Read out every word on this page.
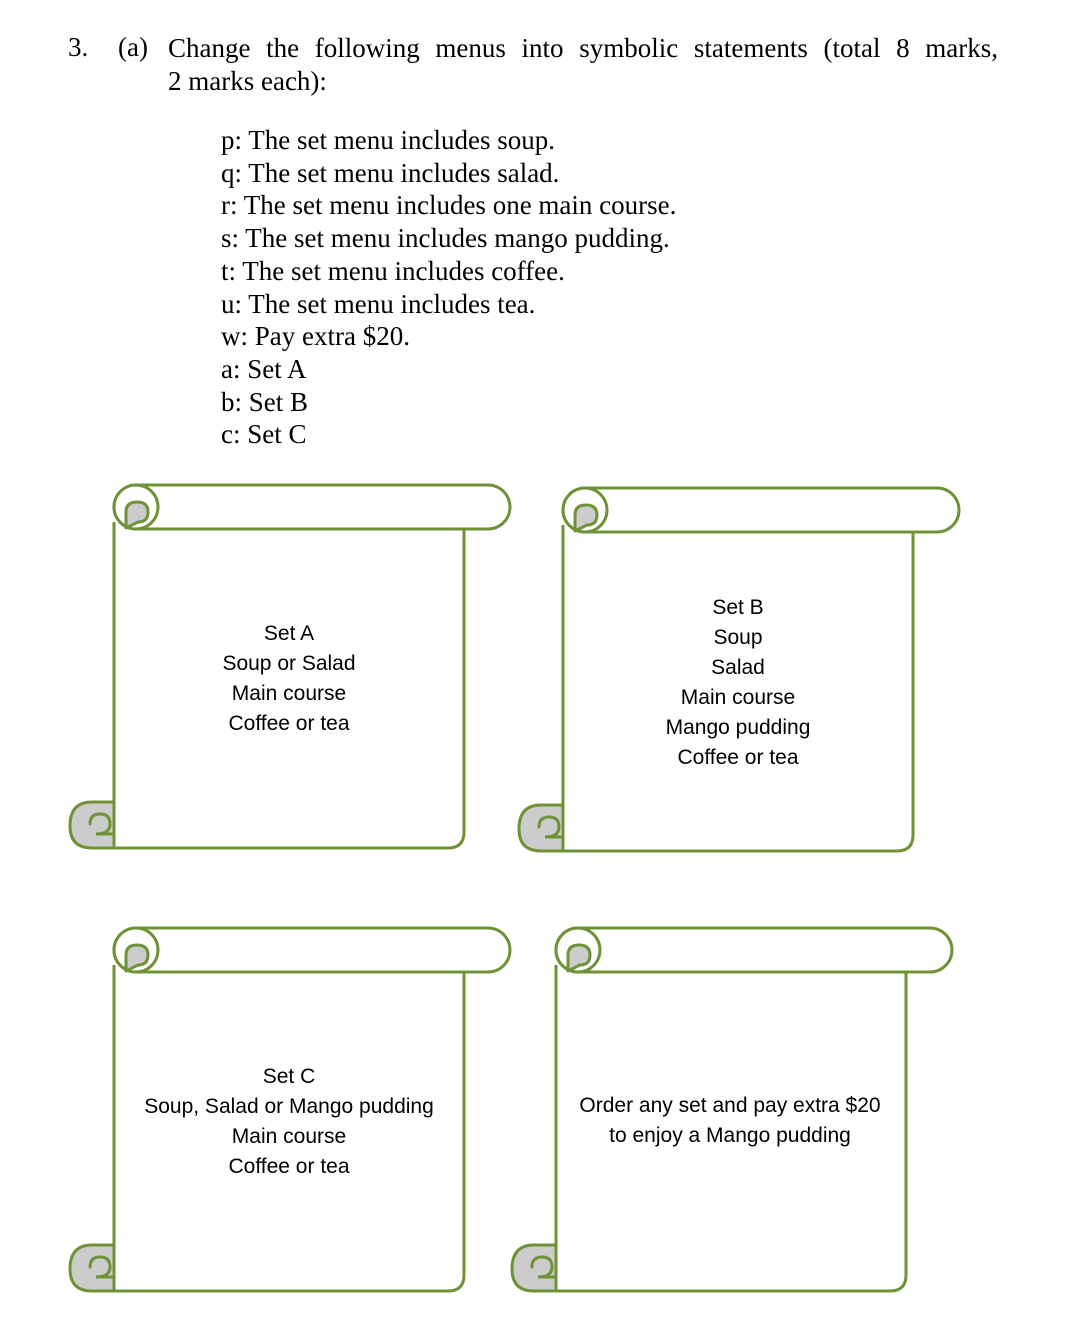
3. (a) Change the following menus into symbolic statements (total 8 marks,
2 marks each):
p: The set menu includes soup.
q: The set menu includes salad.
r: The set menu includes one main course.
s: The set menu includes mango pudding.
t: The set menu includes coffee.
u: The set menu includes tea.
w: Pay extra $20.
a: Set A
b: Set B
c: Set C
Set A
Soup or Salad
Main course
Coffee or tea
Set B
Soup
Salad
Main course
Mango pudding
Coffee or tea
Set C
Soup, Salad or Mango pudding
Main course
Coffee or tea
Order any set and pay extra $20
to enjoy a Mango pudding
